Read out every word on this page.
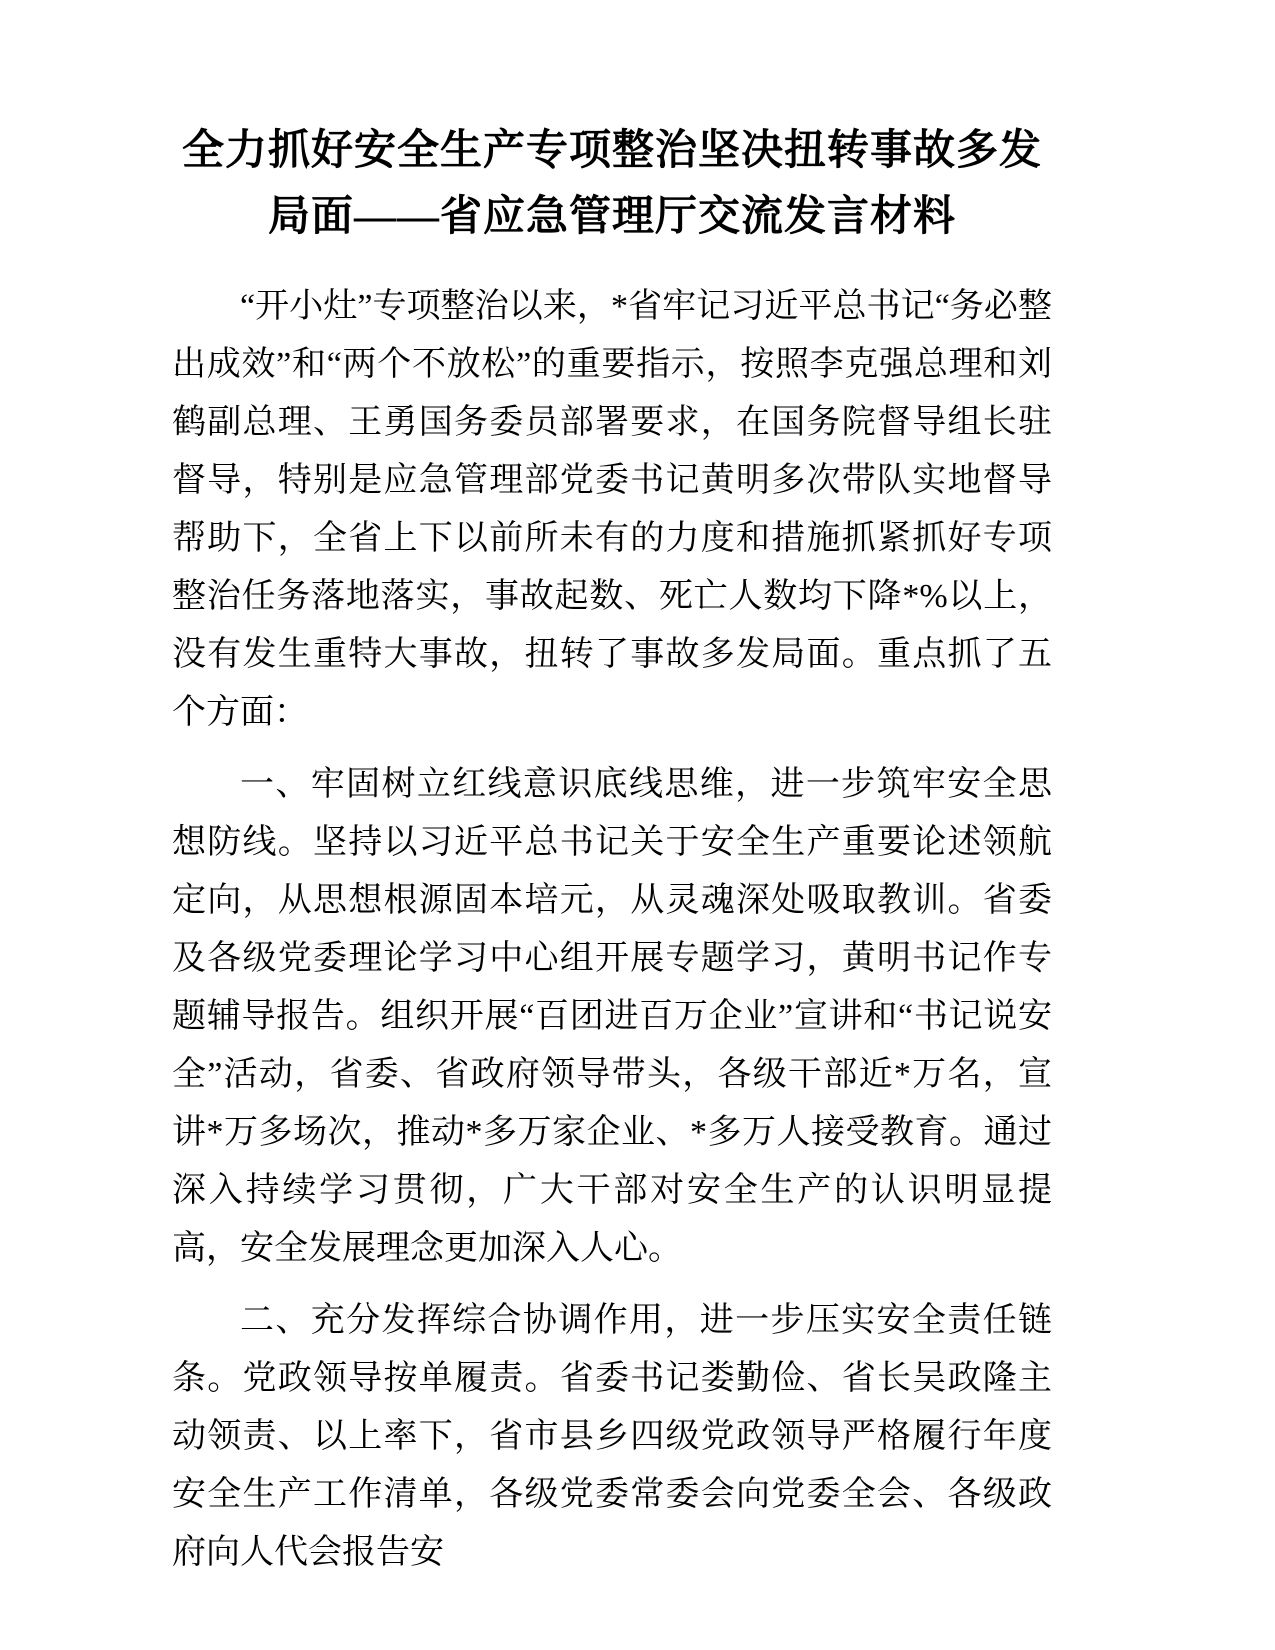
全力抓好安全生产专项整治坚决扭转事故多发局面——省应急管理厅交流发言材料

“开小灶”专项整治以来，*省牢记习近平总书记“务必整出成效”和“两个不放松”的重要指示，按照李克强总理和刘鹤副总理、王勇国务委员部署要求，在国务院督导组长驻督导，特别是应急管理部党委书记黄明多次带队实地督导帮助下，全省上下以前所未有的力度和措施抓紧抓好专项整治任务落地落实，事故起数、死亡人数均下降*%以上，没有发生重特大事故，扭转了事故多发局面。重点抓了五个方面：

一、牢固树立红线意识底线思维，进一步筑牢安全思想防线。坚持以习近平总书记关于安全生产重要论述领航定向，从思想根源固本培元，从灵魂深处吸取教训。省委及各级党委理论学习中心组开展专题学习，黄明书记作专题辅导报告。组织开展“百团进百万企业”宣讲和“书记说安全”活动，省委、省政府领导带头，各级干部近*万名，宣讲*万多场次，推动*多万家企业、*多万人接受教育。通过深入持续学习贯彻，广大干部对安全生产的认识明显提高，安全发展理念更加深入人心。

二、充分发挥综合协调作用，进一步压实安全责任链条。党政领导按单履责。省委书记娄勤俭、省长吴政隆主动领责、以上率下，省市县乡四级党政领导严格履行年度安全生产工作清单，各级党委常委会向党委全会、各级政府向人代会报告安
